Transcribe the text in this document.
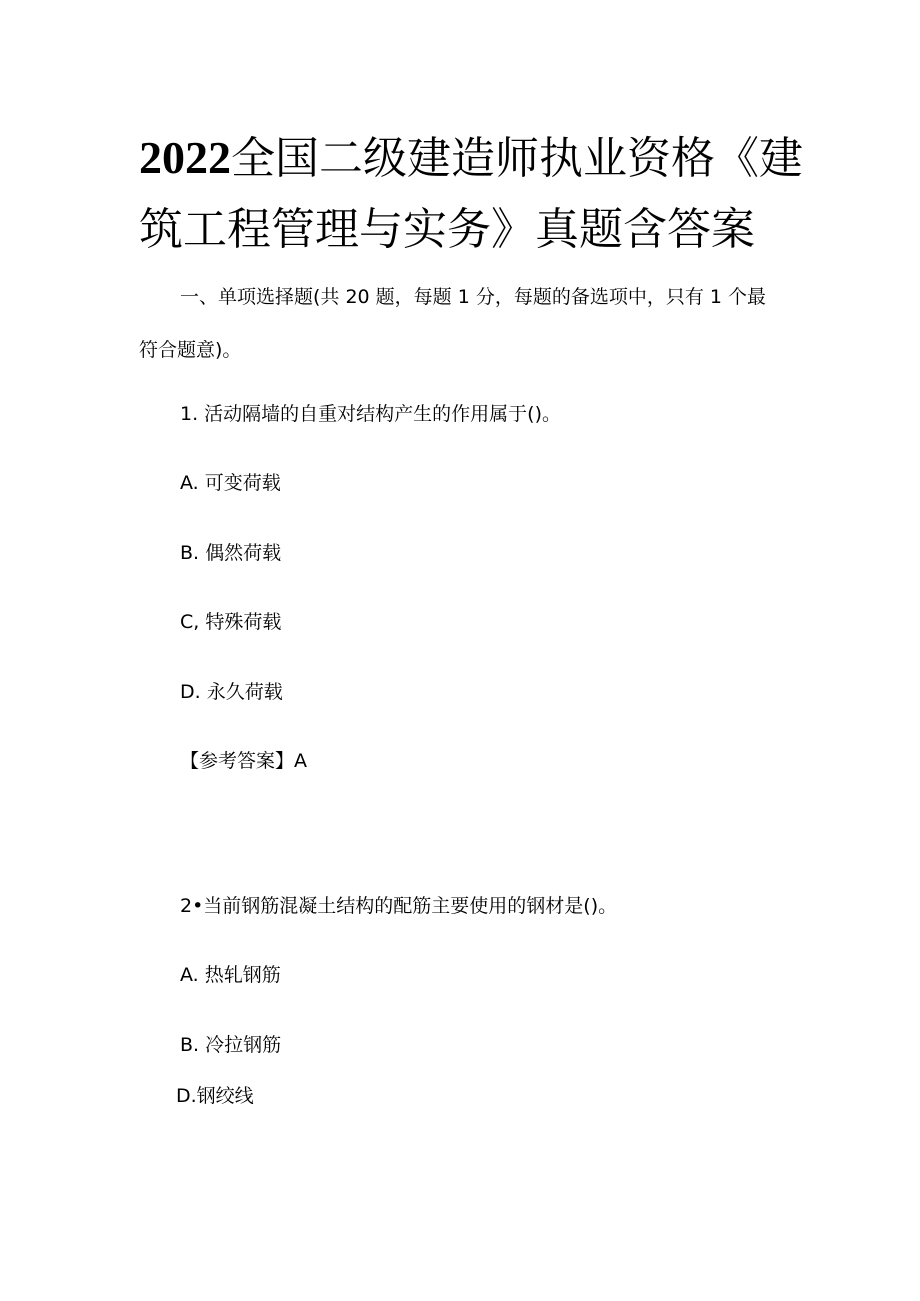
2022全国二级建造师执业资格《建
筑工程管理与实务》真题含答案
一、单项选择题(共 20 题，每题 1 分，每题的备选项中，只有 1 个最
符合题意)。
1. 活动隔墙的自重对结构产生的作用属于()。
A. 可变荷载
B. 偶然荷载
C, 特殊荷载
D. 永久荷载
【参考答案】A
2•当前钢筋混凝土结构的配筋主要使用的钢材是()。
A. 热轧钢筋
B. 冷拉钢筋
D.钢绞线
